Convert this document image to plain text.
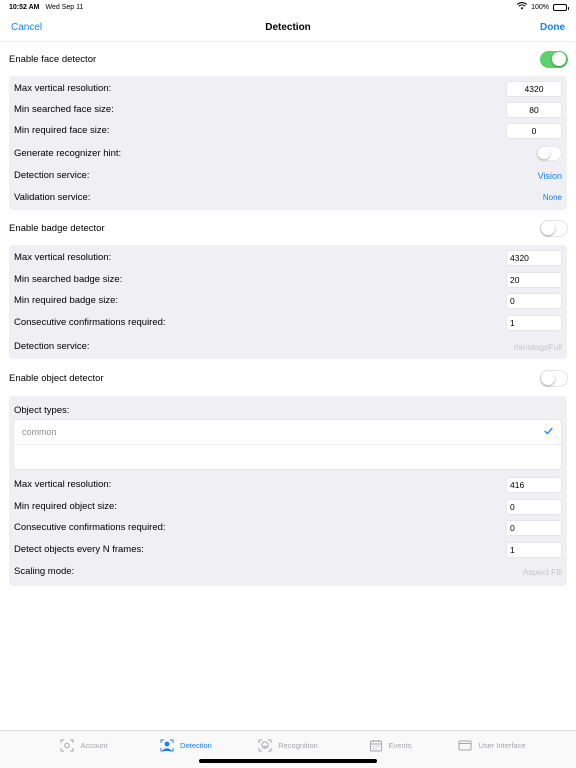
10:52 AM Wed Sep 11	100%
Cancel	Detection	Done
Enable face detector
Max vertical resolution:	4320
Min searched face size:	80
Min required face size:	0
Generate recognizer hint:
Detection service:	Vision
Validation service:	None
Enable badge detector
Max vertical resolution:	4320
Min searched badge size:	20
Min required badge size:	0
Consecutive confirmations required:	1
Detection service:	rhinotagsFull
Enable object detector
Object types:
common
Max vertical resolution:	416
Min required object size:	0
Consecutive confirmations required:	0
Detect objects every N frames:	1
Scaling mode:	Aspect Fill
Account	Detection	Recognition	Events	User Interface
